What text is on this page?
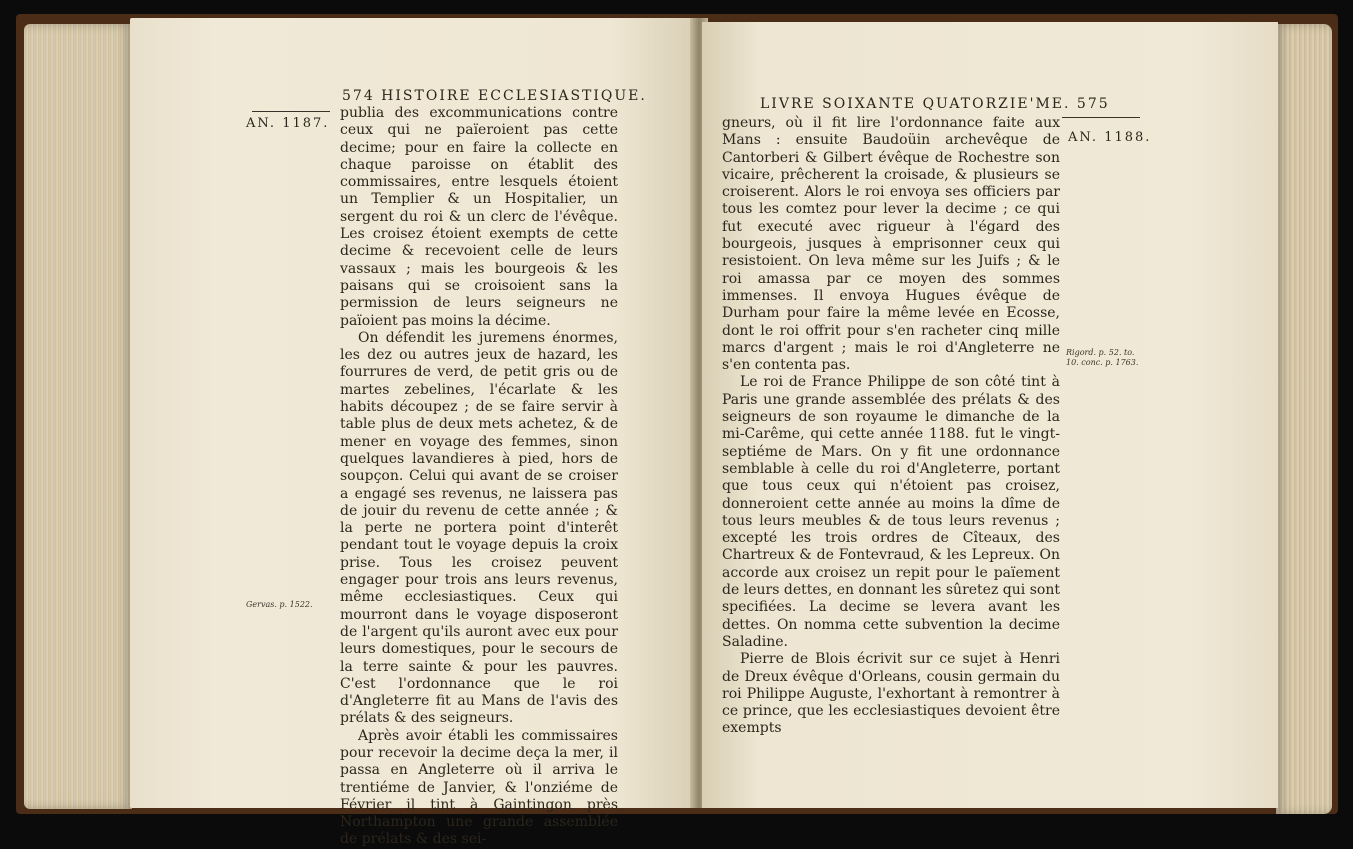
574 HISTOIRE ECCLESIASTIQUE.
AN. 1187.

publia des excommunications contre ceux qui ne païeroient pas cette decime; pour en faire la collecte en chaque paroisse on établit des commissaires, entre lesquels étoient un Templier & un Hospitalier, un sergent du roi & un clerc de l'évêque. Les croisez étoient exempts de cette decime & recevoient celle de leurs vassaux ; mais les bourgeois & les paisans qui se croisoient sans la permission de leurs seigneurs ne païoient pas moins la décime.

On défendit les juremens énormes, les dez ou autres jeux de hazard, les fourrures de verd, de petit gris ou de martes zebelines, l'écarlate & les habits découpez ; de se faire servir à table plus de deux mets achetez, & de mener en voyage des femmes, sinon quelques lavandieres à pied, hors de soupçon. Celui qui avant de se croiser a engagé ses revenus, ne laissera pas de jouir du revenu de cette année ; & la perte ne portera point d'interêt pendant tout le voyage depuis la croix prise. Tous les croisez peuvent engager pour trois ans leurs revenus, même ecclesiastiques. Ceux qui mourront dans le voyage disposeront de l'argent qu'ils auront avec eux pour leurs domestiques, pour le secours de la terre sainte & pour les pauvres. C'est l'ordonnance que le roi d'Angleterre fit au Mans de l'avis des prélats & des seigneurs.

Après avoir établi les commissaires pour recevoir la decime deça la mer, il passa en Angleterre où il arriva le trentiéme de Janvier, & l'onziéme de Février il tint à Gaintingon près Northampton une grande assemblée de prélats & des sei-

Gervas. p. 1522.
LIVRE SOIXANTE QUATORZIE'ME. 575
AN. 1188.

gneurs, où il fit lire l'ordonnance faite aux Mans : ensuite Baudoüin archevêque de Cantorberi & Gilbert évêque de Rochestre son vicaire, prêcherent la croisade, & plusieurs se croiserent. Alors le roi envoya ses officiers par tous les comtez pour lever la decime ; ce qui fut executé avec rigueur à l'égard des bourgeois, jusques à emprisonner ceux qui resistoient. On leva même sur les Juifs ; & le roi amassa par ce moyen des sommes immenses. Il envoya Hugues évêque de Durham pour faire la même levée en Ecosse, dont le roi offrit pour s'en racheter cinq mille marcs d'argent ; mais le roi d'Angleterre ne s'en contenta pas.

Le roi de France Philippe de son côté tint à Paris une grande assemblée des prélats & des seigneurs de son royaume le dimanche de la mi-Carême, qui cette année 1188. fut le vingt-septiéme de Mars. On y fit une ordonnance semblable à celle du roi d'Angleterre, portant que tous ceux qui n'étoient pas croisez, donneroient cette année au moins la dîme de tous leurs meubles & de tous leurs revenus ; excepté les trois ordres de Cîteaux, des Chartreux & de Fontevraud, & les Lepreux. On accorde aux croisez un repit pour le païement de leurs dettes, en donnant les sûretez qui sont specifiées. La decime se levera avant les dettes. On nomma cette subvention la decime Saladine.

Pierre de Blois écrivit sur ce sujet à Henri de Dreux évêque d'Orleans, cousin germain du roi Philippe Auguste, l'exhortant à remontrer à ce prince, que les ecclesiastiques devoient être exempts

Rigord. p. 52. to.
10. conc. p. 1763.
